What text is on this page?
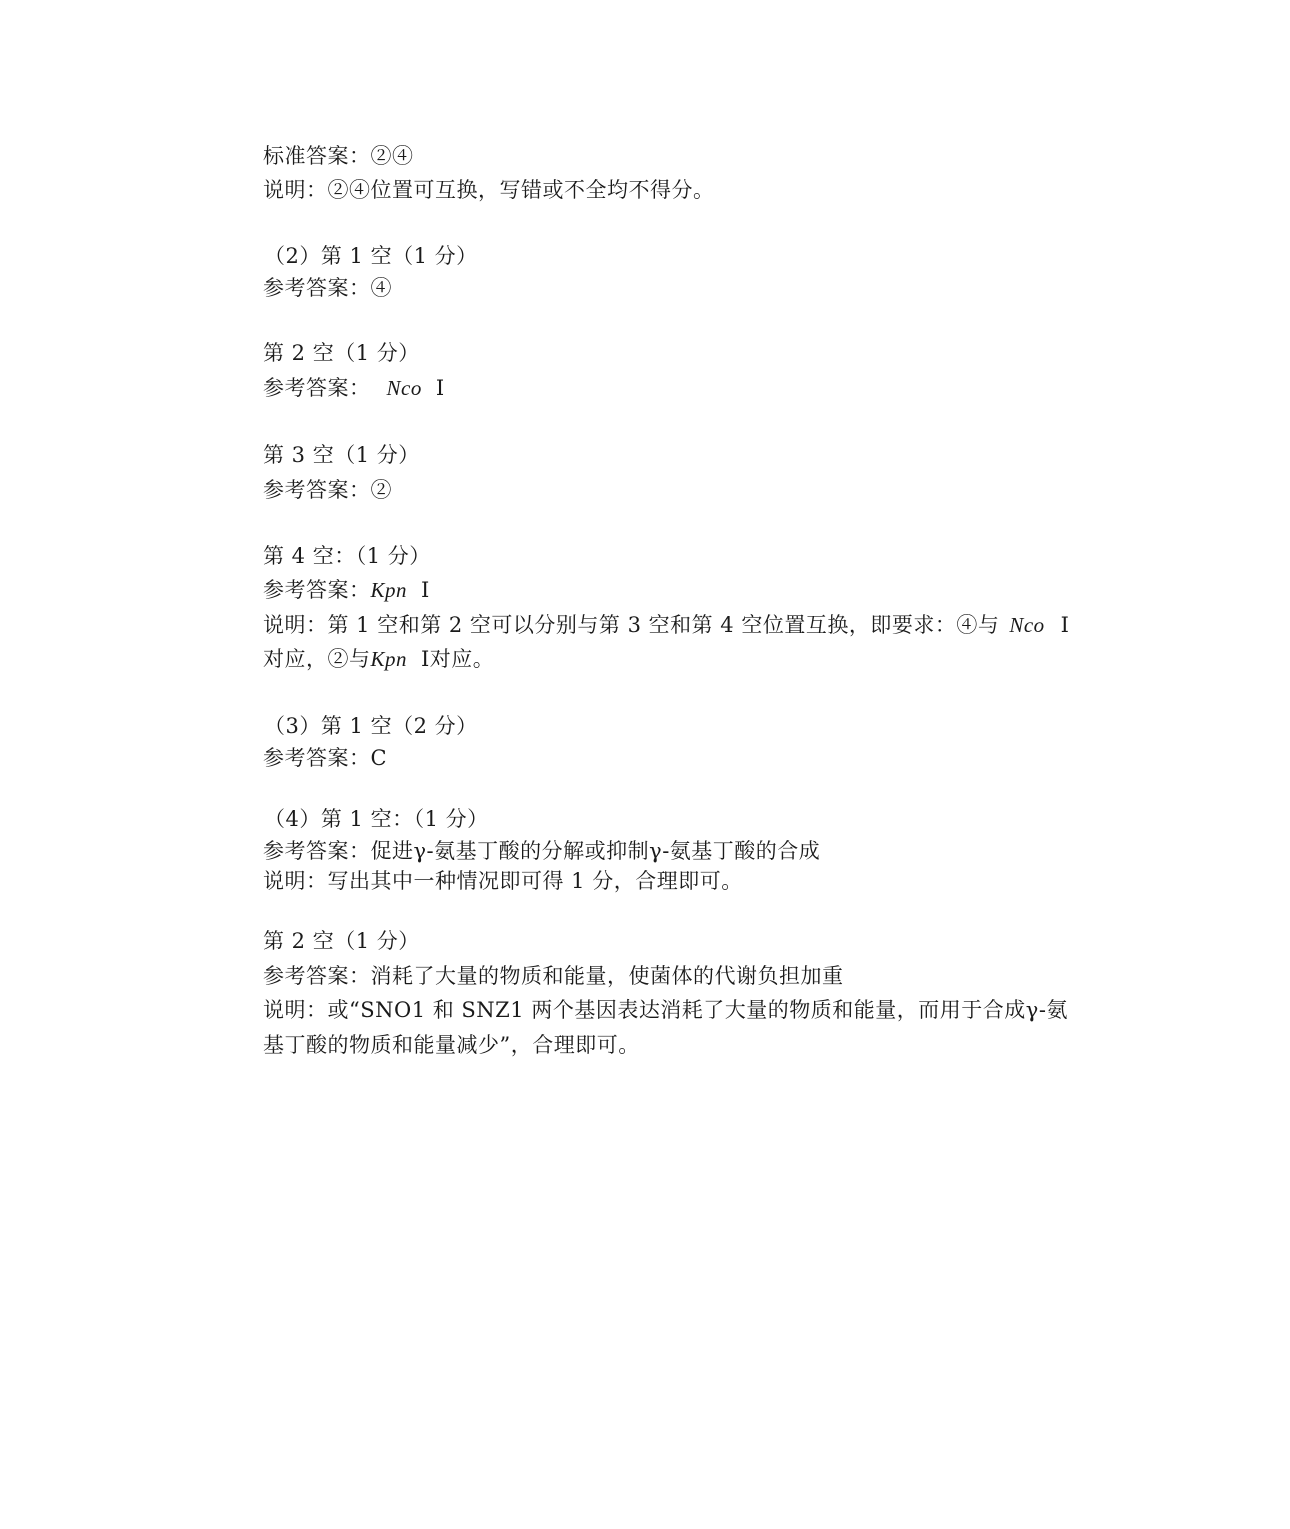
标准答案：②④
说明：②④位置可互换，写错或不全均不得分。
（2）第 1 空（1 分）
参考答案：④
第 2 空（1 分）
参考答案： Nco Ⅰ
第 3 空（1 分）
参考答案：②
第 4 空：（1 分）
参考答案：Kpn Ⅰ
说明：第 1 空和第 2 空可以分别与第 3 空和第 4 空位置互换，即要求：④与 Nco Ⅰ
对应，②与Kpn Ⅰ对应。
（3）第 1 空（2 分）
参考答案：C
（4）第 1 空：（1 分）
参考答案：促进γ-氨基丁酸的分解或抑制γ-氨基丁酸的合成
说明：写出其中一种情况即可得 1 分，合理即可。
第 2 空（1 分）
参考答案：消耗了大量的物质和能量，使菌体的代谢负担加重
说明：或“SNO1 和 SNZ1 两个基因表达消耗了大量的物质和能量，而用于合成γ-氨
基丁酸的物质和能量减少”，合理即可。
